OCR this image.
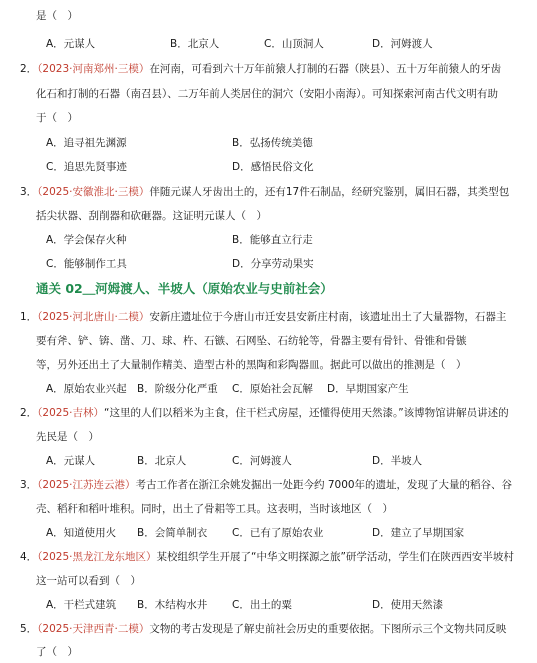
是（　）
A．元谋人	B．北京人	C．山顶洞人	D．河姆渡人
2．（2023·河南郑州·三模）在河南，可看到六十万年前猿人打制的石器（陕县）、五十万年前猿人的牙齿
化石和打制的石器（南召县）、二万年前人类居住的洞穴（安阳小南海）。可知探索河南古代文明有助
于（　）
A．追寻祖先渊源	B．弘扬传统美德
C．追思先贤事迹	D．感悟民俗文化
3．（2025·安徽淮北·三模）伴随元谋人牙齿出土的，还有17件石制品，经研究鉴别，属旧石器，其类型包
括尖状器、刮削器和砍砸器。这证明元谋人（　）
A．学会保存火种	B．能够直立行走
C．能够制作工具	D．分享劳动果实
通关 02＿河姆渡人、半坡人（原始农业与史前社会）
1．（2025·河北唐山·二模）安新庄遗址位于今唐山市迁安县安新庄村南，该遗址出土了大量器物，石器主
要有斧、铲、锛、凿、刀、球、杵、石镞、石网坠、石纺轮等，骨器主要有骨针、骨锥和骨镞
等，另外还出土了大量制作精美、造型古朴的黑陶和彩陶器皿。据此可以做出的推测是（　）
A．原始农业兴起 B．阶级分化严重 C．原始社会瓦解 D．早期国家产生
2．（2025·吉林）“这里的人们以稻米为主食，住干栏式房屋，还懂得使用天然漆。”该博物馆讲解员讲述的
先民是（　）
A．元谋人	B．北京人	C．河姆渡人	D．半坡人
3．（2025·江苏连云港）考古工作者在浙江余姚发掘出一处距今约 7000年的遗址，发现了大量的稻谷、谷
壳、稻秆和稻叶堆积。同时，出土了骨耜等工具。这表明，当时该地区（　）
A．知道使用火 B．会简单制衣 C．已有了原始农业	D．建立了早期国家
4．（2025·黑龙江龙东地区）某校组织学生开展了“中华文明探源之旅”研学活动，学生们在陕西西安半坡村
这一站可以看到（　）
A．干栏式建筑 B．木结构水井 C．出土的粟	D．使用天然漆
5．（2025·天津西青·二模）文物的考古发现是了解史前社会历史的重要依据。下图所示三个文物共同反映
了（　）
